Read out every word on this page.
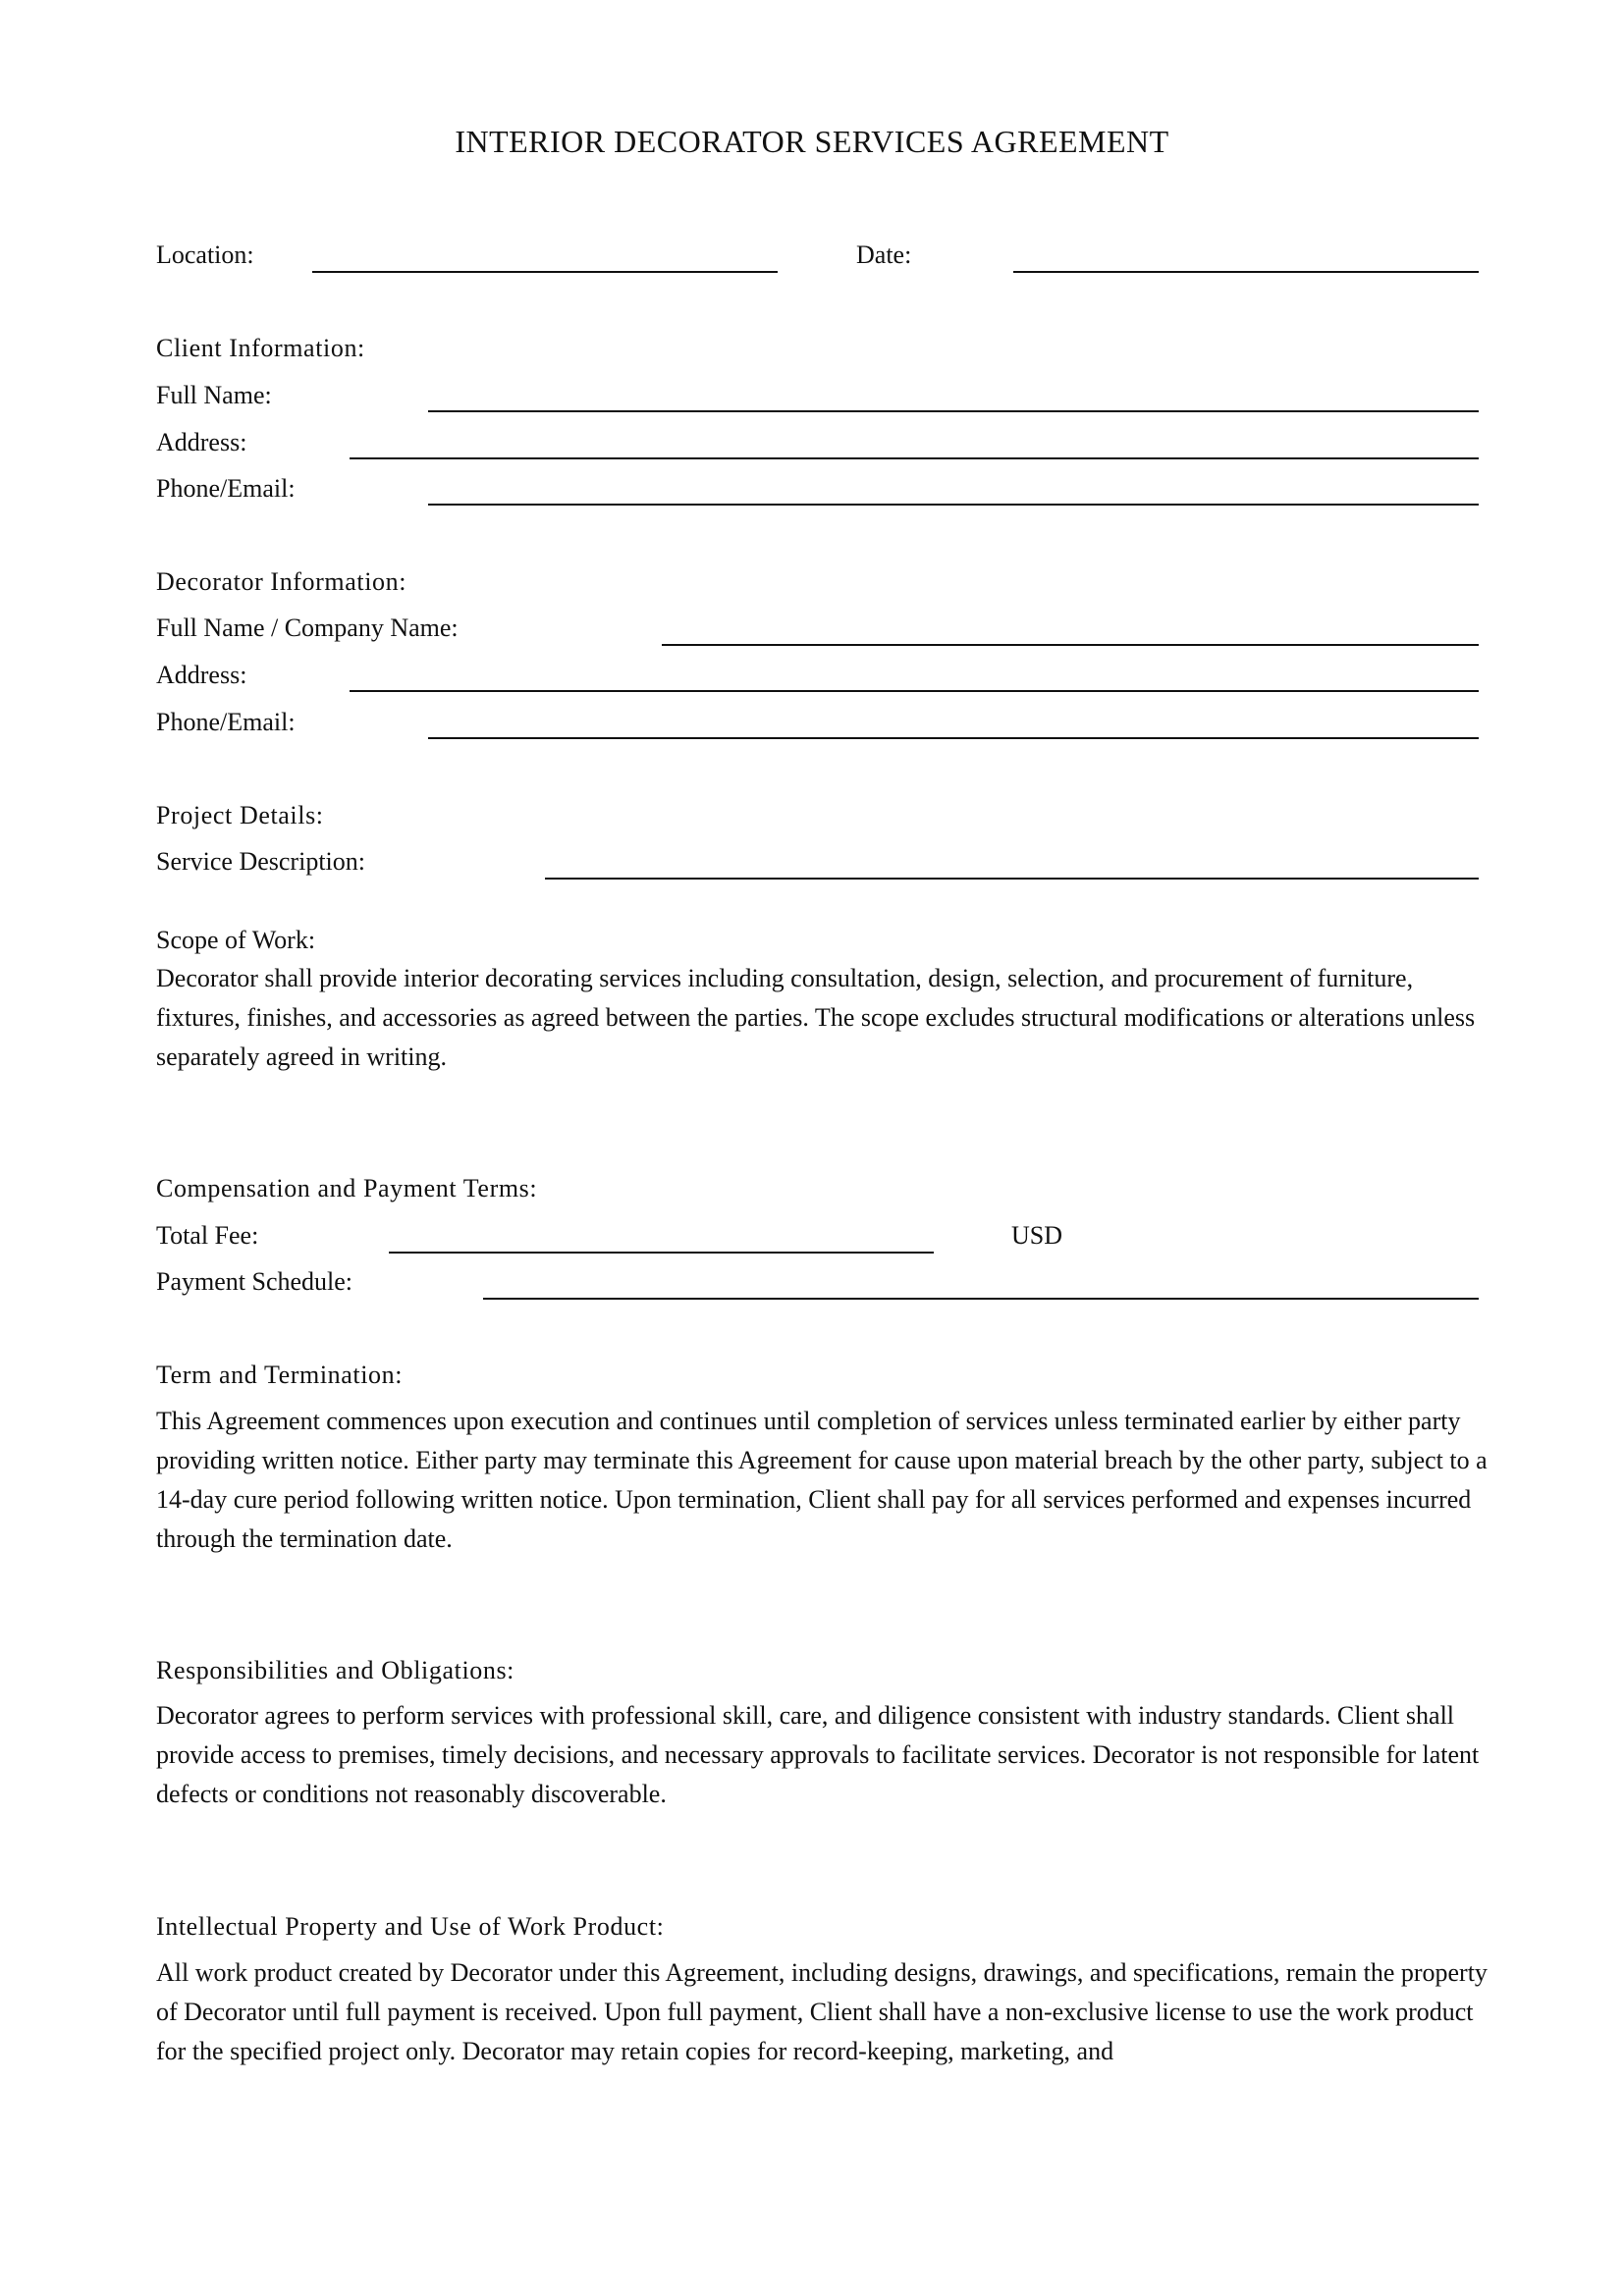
INTERIOR DECORATOR SERVICES AGREEMENT
Location:	Date:
Client Information:
Full Name:
Address:
Phone/Email:
Decorator Information:
Full Name / Company Name:
Address:
Phone/Email:
Project Details:
Service Description:
Scope of Work:
Decorator shall provide interior decorating services including consultation, design, selection, and procurement of furniture, fixtures, finishes, and accessories as agreed between the parties. The scope excludes structural modifications or alterations unless separately agreed in writing.
Compensation and Payment Terms:
Total Fee:	USD
Payment Schedule:
Term and Termination:
This Agreement commences upon execution and continues until completion of services unless terminated earlier by either party providing written notice. Either party may terminate this Agreement for cause upon material breach by the other party, subject to a 14-day cure period following written notice. Upon termination, Client shall pay for all services performed and expenses incurred through the termination date.
Responsibilities and Obligations:
Decorator agrees to perform services with professional skill, care, and diligence consistent with industry standards. Client shall provide access to premises, timely decisions, and necessary approvals to facilitate services. Decorator is not responsible for latent defects or conditions not reasonably discoverable.
Intellectual Property and Use of Work Product:
All work product created by Decorator under this Agreement, including designs, drawings, and specifications, remain the property of Decorator until full payment is received. Upon full payment, Client shall have a non-exclusive license to use the work product for the specified project only. Decorator may retain copies for record-keeping, marketing, and
